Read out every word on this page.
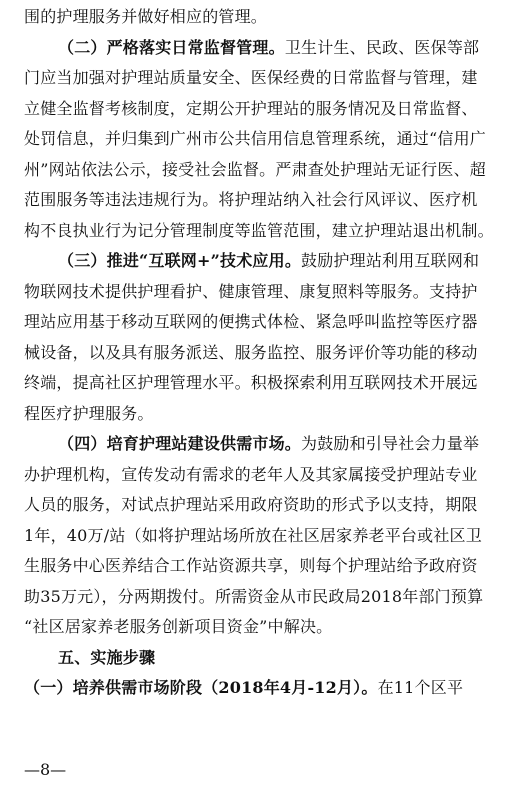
围的护理服务并做好相应的管理。
（二）严格落实日常监督管理。卫生计生、民政、医保等部
门应当加强对护理站质量安全、医保经费的日常监督与管理，建
立健全监督考核制度，定期公开护理站的服务情况及日常监督、
处罚信息，并归集到广州市公共信用信息管理系统，通过“信用广
州”网站依法公示，接受社会监督。严肃查处护理站无证行医、超
范围服务等违法违规行为。将护理站纳入社会行风评议、医疗机
构不良执业行为记分管理制度等监管范围，建立护理站退出机制。
（三）推进“互联网+”技术应用。鼓励护理站利用互联网和
物联网技术提供护理看护、健康管理、康复照料等服务。支持护
理站应用基于移动互联网的便携式体检、紧急呼叫监控等医疗器
械设备，以及具有服务派送、服务监控、服务评价等功能的移动
终端，提高社区护理管理水平。积极探索利用互联网技术开展远
程医疗护理服务。
（四）培育护理站建设供需市场。为鼓励和引导社会力量举
办护理机构，宣传发动有需求的老年人及其家属接受护理站专业
人员的服务，对试点护理站采用政府资助的形式予以支持，期限
1年，40万/站（如将护理站场所放在社区居家养老平台或社区卫
生服务中心医养结合工作站资源共享，则每个护理站给予政府资
助35万元），分两期拨付。所需资金从市民政局2018年部门预算
“社区居家养老服务创新项目资金”中解决。
五、实施步骤
（一）培养供需市场阶段（2018年4月-12月）。在11个区平
—8—
